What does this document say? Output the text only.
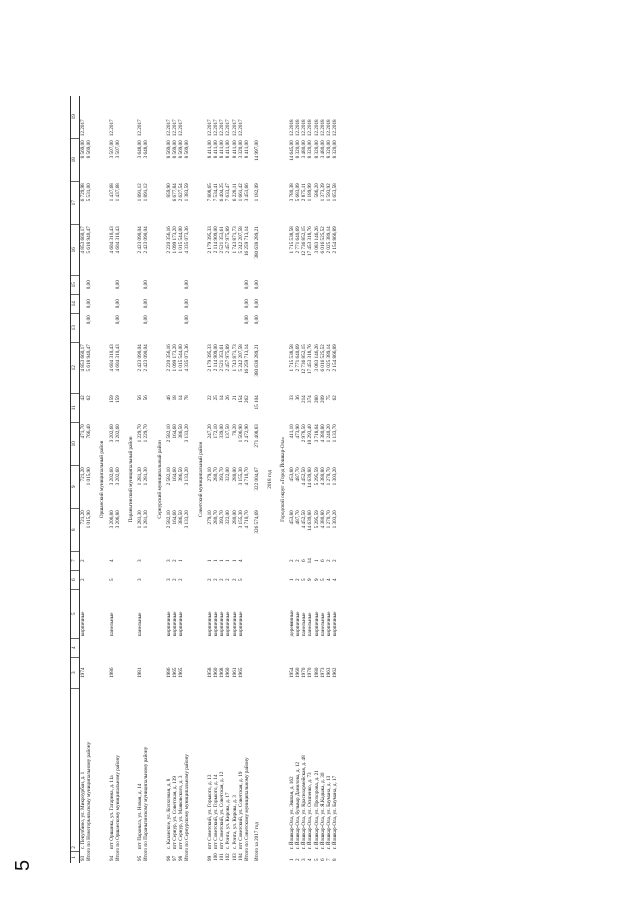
5
1	2	3	4	5	6	7	8	9	10	11	12	13	14	15	16	17	18	19
93	с. Пекулбино, ул. Микроурбан, д. 1	1974		кирпичные	2	2	721,20	721,20	471,70	42	4 853 660,17				4 853 660,17	6 729,98	8 569,00	12.2017
Итого по Новоторъяльскому муниципальному району							1 015,90	1 015,90	766,40	62	5 618 940,47	0,00	0,00	0,00	5 618 940,47	5 531,00	8 569,00	
Оршанский муниципальный район																		
94	пгт Оршанка, ул. Гагарина, д. 11а	1986		панельные	5	4	3 206,80	3 202,60	3 202,60	159	4 604 310,43				4 604 310,43	1 437,68	3 507,00	12.2017
Итого по Оршанскому муниципальному району							3 206,80	3 202,60	3 202,60	159	4 604 310,43	0,00	0,00	0,00	4 604 310,43	1 437,68	3 507,00	
Параньгинский муниципальный район																		
95	пгт Параньга, ул. Новая, д. 14	1981		панельные	3	3	1 281,30	1 281,30	1 229,70	56	2 423 090,04				2 423 090,04	1 891,12	3 648,00	12.2017
Итого по Параньгинскому муниципальному району							1 281,30	1 281,30	1 229,70	56	2 423 090,04	0,00	0,00	0,00	2 423 090,04	1 891,12	3 648,00	
Сернурский муниципальный район																		
96	с. Казанское, ул. Колхозная, д. 8	1986		кирпичные	3	3	2 582,10	2 582,10	2 582,10	46	2 220 356,16				2 220 356,16	859,90	8 569,00	12.2017
97	пгт Сернур, ул. Советская, д. 139	1965		кирпичные	2	2	164,60	164,60	164,60	18	1 099 173,20				1 099 173,20	6 677,84	8 569,00	12.2017
98	пгт Сернур, ул. Маяковского, д. 3	1965		кирпичные	2	1	386,50	386,50	386,50	14	1 015 544,00				1 015 544,00	2 627,54	8 569,00	12.2017
Итого по Сернурскому муниципальному району							3 133,20	3 133,20	3 133,20	78	4 335 073,36	0,00	0,00	0,00	4 335 073,36	1 383,59	8 569,00	
Советский муниципальный район																		
99	пгт Советский, ул. Горького, д. 13	1958		кирпичные	2	1	279,10	279,10	247,20	22	2 179 395,33				2 179 395,33	7 808,65	8 411,00	12.2017
100	пгт Советский, ул. Горького, д. 14	1960		кирпичные	2	1	280,70	280,70	172,10	25	2 114 909,00				2 114 909,00	7 534,41	8 411,00	12.2017
101	пгт Советский, ул. Советская, д. 12	1968		кирпичные	2	1	393,70	393,70	339,00	14	2 521 353,61				2 521 353,61	6 404,25	8 411,00	12.2017
102	с. Ронга, ул. Кирова, д. 17	1960		кирпичные	2	1	322,00	322,00	137,50	26	2 457 975,89				2 457 975,89	7 633,47	8 411,00	12.2017
103	с. Ронга, ул. Кирова, д. 3	1961		кирпичные	2	1	280,00	280,00	70,20	21	1 743 871,73				1 743 871,73	6 228,11	8 411,00	12.2017
104	пгт Советский, ул. Советская, д. 19	1965		кирпичные	5	4	3 155,30	3 155,30	1 506,90	154	5 242 207,58				5 242 207,58	1 661,42	3 320,00	12.2017
Итого по Советскому муниципальному району							4 710,70	4 710,70	2 472,90	262	16 259 713,14	0,00	0,00	0,00	16 259 713,14	3 451,66	8 411,00	
Итого за 2017 год							326 574,69	322 004,67	271 408,83	15 104	380 638 289,21	0,00	0,00	0,00	380 638 289,21	1 182,09	14 997,00	
2018 год																		
Городской округ «Город Йошкар-Ола»																		
1	г. Йошкар-Ола, ул. Эшпая, д. 162	1954		деревянные	1	2	453,80	453,80	411,10	33	1 715 538,58				1 715 538,58	3 780,38	14 645,00	12.2018
2	г. Йошкар-Ола, бульвар Данилова, д. 12	1960		кирпичные	2	2	487,70	487,70	473,90	36	2 771 640,69				2 771 640,69	5 683,09	8 320,00	12.2018
3	г. Йошкар-Ола, ул. Красноармейская, д. 48	1970		панельные	5	6	4 452,50	4 452,50	2 978,50	214	12 736 852,15				12 736 852,15	2 875,11	3 480,00	12.2018
4	г. Йошкар-Ола, ул. Осипенко, д. 73	1970		панельные	9	14	14 639,80	14 639,80	10 293,40	374	17 453 318,76				17 453 318,76	1 189,99	8 320,00	12.2018
5	г. Йошкар-Ола, ул. Прохорова, д. 21	1980		кирпичные	9	1	5 295,59	5 295,59	3 718,64	280	3 083 146,26				3 083 146,26	586,20	8 320,00	12.2018
6	г. Йошкар-Ола, ул. Я.Кадыка, д. 30	1973		панельные	5	6	4 380,80	4 380,80	4 380,80	209	6 016 525,52				6 016 525,52	1 373,39	3 480,00	12.2018
7	г. Йошкар-Ола, ул. Баумана, д. 13	1963		кирпичные	4	2	1 270,70	1 270,70	1 240,20	75	2 025 389,14				2 025 389,14	1 593,92	8 320,00	12.2018
8	г. Йошкар-Ола, ул. Баумана, д. 17	1962		кирпичные	4	2	1 303,20	1 303,20	1 133,70	62	2 154 866,89				2 154 866,89	1 653,58	8 320,00	12.2018
